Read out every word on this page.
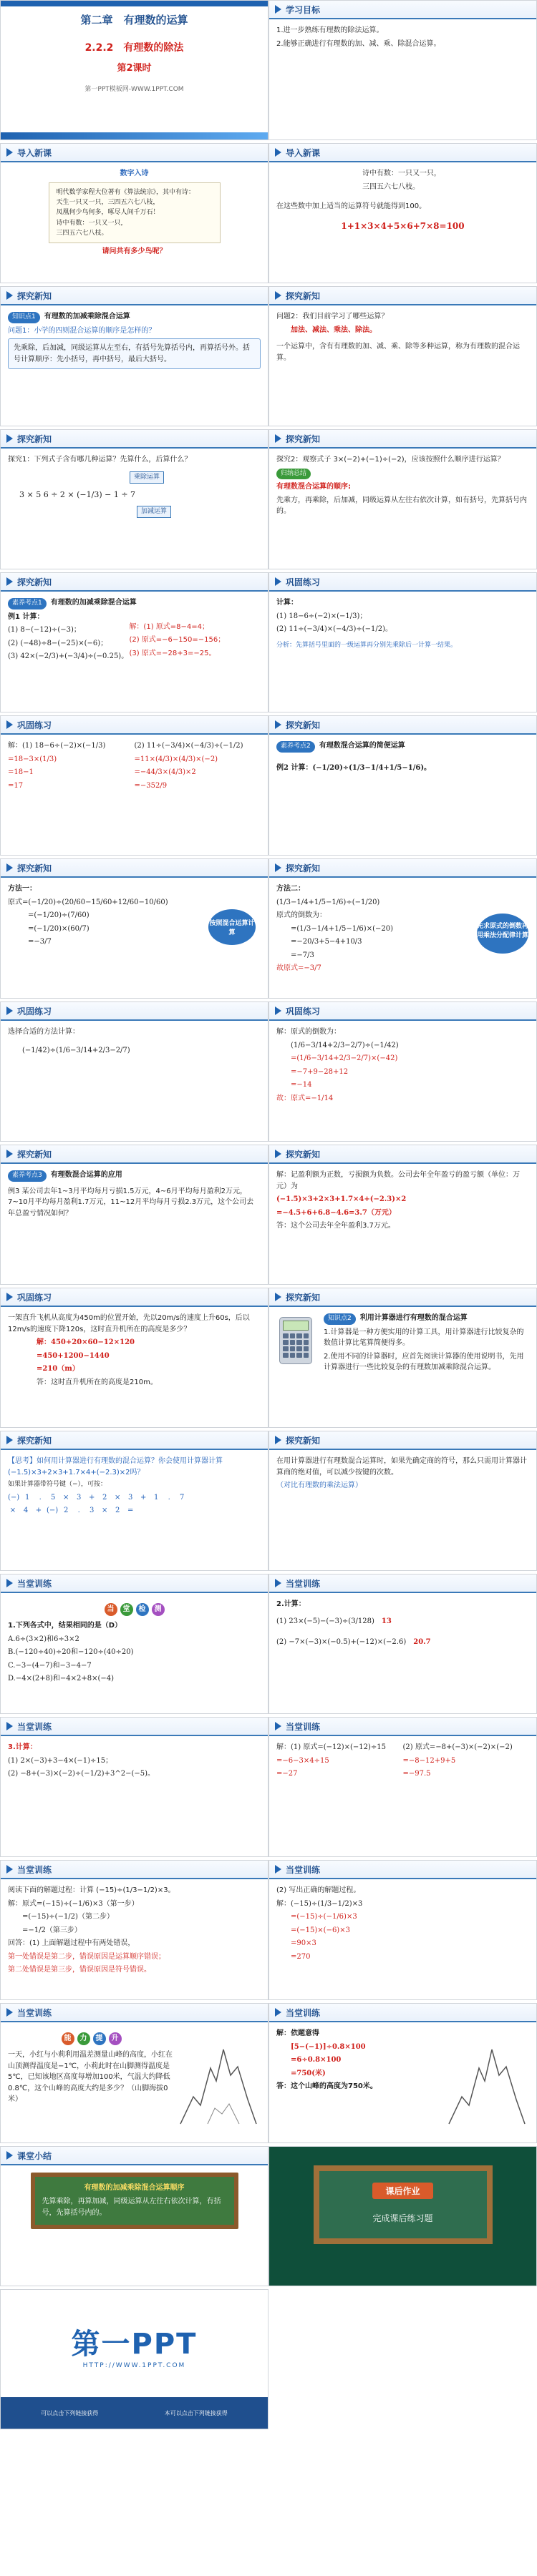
第二章　有理数的运算
2.2.2　有理数的除法
第2课时
第一PPT模板网-WWW.1PPT.COM
学习目标
1.进一步熟练有理数的除法运算。
2.能够正确进行有理数的加、减、乘、除混合运算。
导入新课
数字入诗
明代数学家程大位著有《算法统宗》，其中有诗：
天生一只又一只，三四五六七八枝，
凤凰何少鸟何多，啄尽人间千万石！
诗中有数：一只又一只，
三四五六七八枝。
请问共有多少鸟呢？
导入新课
诗中有数：一只又一只，
三四五六七八枝。
在这些数中加上适当的运算符号就能得到100。
1+1×3×4+5×6+7×8=100
探究新知
知识点1 有理数的加减乘除混合运算
问题1：小学的四则混合运算的顺序是怎样的？
先乘除，后加减，同级运算从左至右，有括号先算括号内，再算括号外。括号计算顺序：先小括号，再中括号，最后大括号。
探究新知
问题2：我们目前学习了哪些运算？
加法、减法、乘法、除法。
一个运算中，含有有理数的加、减、乘、除等多种运算，称为有理数的混合运算。
探究新知
探究1：下列式子含有哪几种运算？先算什么，后算什么？
乘除运算
3 × 5 6 ÷ 2 × (−1/3) − 1 ÷ 7
加减运算
探究新知
探究2：观察式子 3×(−2)+(−1)÷(−2)，应该按照什么顺序进行运算？
归纳总结
有理数混合运算的顺序:
先乘方，再乘除，后加减，同级运算从左往右依次计算，如有括号，先算括号内的。
探究新知
素养考点1 有理数的加减乘除混合运算
例1 计算：
(1) 8−(−12)÷(−3)；
(2) (−48)÷8−(−25)×(−6)；
(3) 42×(−2/3)+(−3/4)÷(−0.25)。
解：(1) 原式=8−4=4；
(2) 原式=−6−150=−156；
(3) 原式=−28+3=−25。
巩固练习
计算：
(1) 18−6÷(−2)×(−1/3)；
(2) 11÷(−3/4)×(−4/3)÷(−1/2)。
分析：先算括号里面的一级运算再分别先乘除后一计算一结果。
巩固练习
解：(1) 18−6÷(−2)×(−1/3)
=18−3×(1/3)
=18−1
=17
(2) 11÷(−3/4)×(−4/3)÷(−1/2)
=11×(4/3)×(4/3)×(−2)
=−44/3×(4/3)×2
=−352/9
探究新知
素养考点2 有理数混合运算的简便运算
例2 计算：(−1/20)÷(1/3−1/4+1/5−1/6)。
探究新知
方法一：
原式=(−1/20)÷(20/60−15/60+12/60−10/60)
=(−1/20)÷(7/60)
=(−1/20)×(60/7)
=−3/7
按照混合运算计算
探究新知
方法二：
(1/3−1/4+1/5−1/6)÷(−1/20)
原式的倒数为：
=(1/3−1/4+1/5−1/6)×(−20)
=−20/3+5−4+10/3
=−7/3
故原式=−3/7
先求原式的倒数再用乘法分配律计算
巩固练习
选择合适的方法计算：
(−1/42)÷(1/6−3/14+2/3−2/7)
巩固练习
解：原式的倒数为：
(1/6−3/14+2/3−2/7)÷(−1/42)
=(1/6−3/14+2/3−2/7)×(−42)
=−7+9−28+12
=−14
故：原式=−1/14
探究新知
素养考点3 有理数混合运算的应用
例3 某公司去年1~3月平均每月亏损1.5万元，4~6月平均每月盈利2万元，7~10月平均每月盈利1.7万元，11~12月平均每月亏损2.3万元，这个公司去年总盈亏情况如何？
探究新知
解：记盈利额为正数，亏损额为负数。公司去年全年盈亏的盈亏额（单位：万元）为
(−1.5)×3+2×3+1.7×4+(−2.3)×2
=−4.5+6+6.8−4.6=3.7（万元）
答：这个公司去年全年盈利3.7万元。
巩固练习
一架直升飞机从高度为450m的位置开始，先以20m/s的速度上升60s，后以12m/s的速度下降120s，这时直升机所在的高度是多少？
解：450+20×60−12×120
=450+1200−1440
=210（m）
答：这时直升机所在的高度是210m。
探究新知
知识点2 利用计算器进行有理数的混合运算
1.计算器是一种方便实用的计算工具，用计算器进行比较复杂的数值计算比笔算简便得多。
2.使用不同的计算器时，应首先阅读计算器的使用说明书，先用计算器进行一些比较复杂的有理数加减乘除混合运算。
探究新知
【思考】如何用计算器进行有理数的混合运算？你会使用计算器计算(−1.5)×3+2×3+1.7×4+(−2.3)×2吗？
如果计算器带符号键（−），可按：
(−) 1 . 5 × 3 + 2 × 3 + 1 . 7
× 4 + (−) 2 . 3 × 2 =
探究新知
在用计算器进行有理数混合运算时，如果先确定商的符号，那么只需用计算器计算商的绝对值，可以减少按键的次数。
（对比有理数的乘法运算）
当堂训练
当 堂 检 测
1.下列各式中，结果相同的是（D）
A.6÷(3×2)和6÷3×2
B.(−120÷40)÷20和−120÷(40÷20)
C.−3−(4−7)和−3−4−7
D.−4×(2+8)和−4×2+8×(−4)
当堂训练
2.计算：
(1) 23×(−5)−(−3)÷(3/128)　 13
(2) −7×(−3)×(−0.5)+(−12)×(−2.6)　 20.7
当堂训练
3.计算：
(1) 2×(−3)+3−4×(−1)÷15；
(2) −8+(−3)×(−2)÷(−1/2)+3^2−(−5)。
当堂训练
解：(1) 原式=(−12)×(−12)÷15
=−6−3×4÷15
=−27
(2) 原式=−8+(−3)×(−2)×(−2)
=−8−12+9+5
=−97.5
当堂训练
阅读下面的解题过程：计算 (−15)÷(1/3−1/2)×3。
解：原式=(−15)÷(−1/6)×3（第一步）
=(−15)÷(−1/2)（第二步）
=−1/2（第三步）
回答：(1) 上面解题过程中有两处错误，
第一处错误是第二步，错误原因是运算顺序错误；
第二处错误是第三步，错误原因是符号错误。
当堂训练
(2) 写出正确的解题过程。
解：(−15)÷(1/3−1/2)×3
=(−15)÷(−1/6)×3
=(−15)×(−6)×3
=90×3
=270
当堂训练
能 力 提 升
一天，小红与小莉利用温差测量山峰的高度，小红在山顶测得温度是−1℃，小莉此时在山脚测得温度是5℃，已知该地区高度每增加100米，气温大约降低0.8℃，这个山峰的高度大约是多少？（山脚海拔0米）
当堂训练
解：依题意得
[5−(−1)]÷0.8×100
=6÷0.8×100
=750(米)
答：这个山峰的高度为750米。
课堂小结
有理数的加减乘除混合运算顺序
先算乘除，再算加减，同级运算从左往右依次计算，有括号，先算括号内的。
课后作业
完成课后练习题
第一PPT
HTTP://WWW.1PPT.COM
可以点击下列链接获得	本可以点击下列链接获得
